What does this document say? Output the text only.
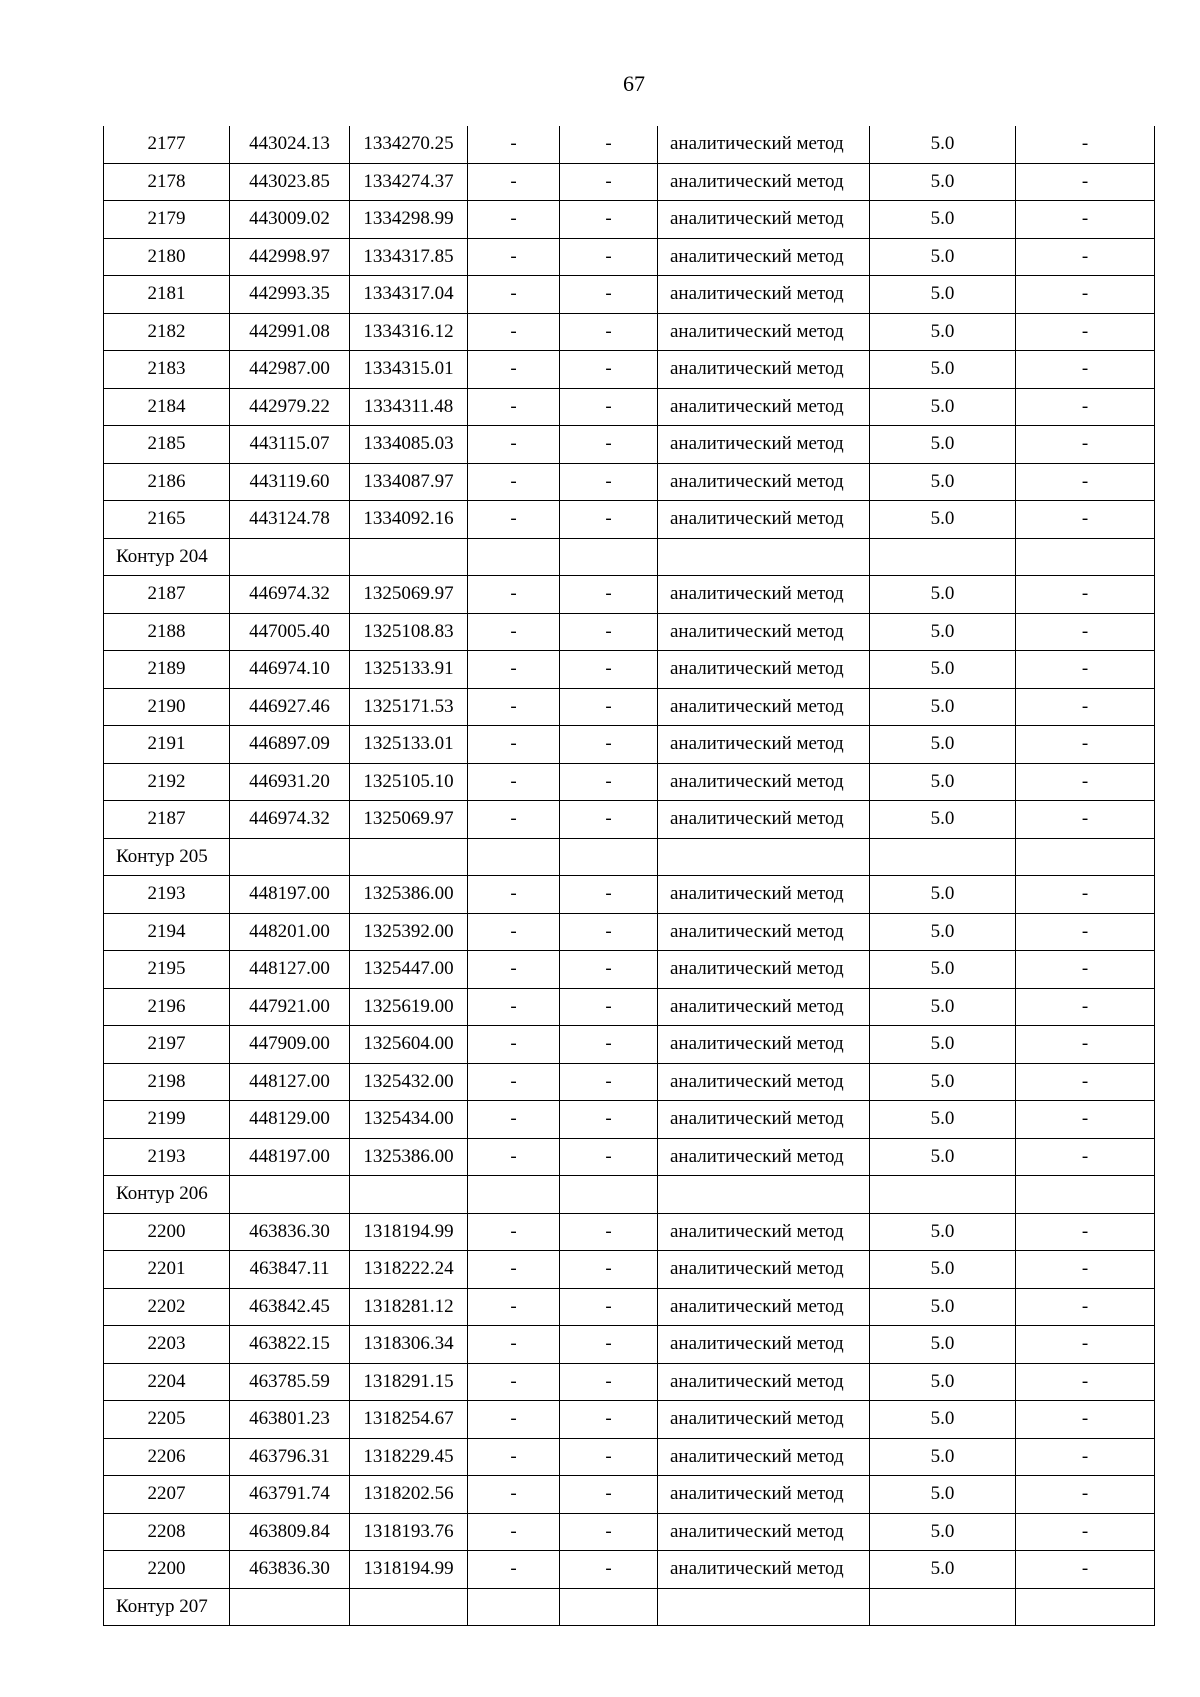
67
2177	443024.13	1334270.25	-	-	аналитический метод	5.0	-
2178	443023.85	1334274.37	-	-	аналитический метод	5.0	-
2179	443009.02	1334298.99	-	-	аналитический метод	5.0	-
2180	442998.97	1334317.85	-	-	аналитический метод	5.0	-
2181	442993.35	1334317.04	-	-	аналитический метод	5.0	-
2182	442991.08	1334316.12	-	-	аналитический метод	5.0	-
2183	442987.00	1334315.01	-	-	аналитический метод	5.0	-
2184	442979.22	1334311.48	-	-	аналитический метод	5.0	-
2185	443115.07	1334085.03	-	-	аналитический метод	5.0	-
2186	443119.60	1334087.97	-	-	аналитический метод	5.0	-
2165	443124.78	1334092.16	-	-	аналитический метод	5.0	-
Контур 204							
2187	446974.32	1325069.97	-	-	аналитический метод	5.0	-
2188	447005.40	1325108.83	-	-	аналитический метод	5.0	-
2189	446974.10	1325133.91	-	-	аналитический метод	5.0	-
2190	446927.46	1325171.53	-	-	аналитический метод	5.0	-
2191	446897.09	1325133.01	-	-	аналитический метод	5.0	-
2192	446931.20	1325105.10	-	-	аналитический метод	5.0	-
2187	446974.32	1325069.97	-	-	аналитический метод	5.0	-
Контур 205							
2193	448197.00	1325386.00	-	-	аналитический метод	5.0	-
2194	448201.00	1325392.00	-	-	аналитический метод	5.0	-
2195	448127.00	1325447.00	-	-	аналитический метод	5.0	-
2196	447921.00	1325619.00	-	-	аналитический метод	5.0	-
2197	447909.00	1325604.00	-	-	аналитический метод	5.0	-
2198	448127.00	1325432.00	-	-	аналитический метод	5.0	-
2199	448129.00	1325434.00	-	-	аналитический метод	5.0	-
2193	448197.00	1325386.00	-	-	аналитический метод	5.0	-
Контур 206							
2200	463836.30	1318194.99	-	-	аналитический метод	5.0	-
2201	463847.11	1318222.24	-	-	аналитический метод	5.0	-
2202	463842.45	1318281.12	-	-	аналитический метод	5.0	-
2203	463822.15	1318306.34	-	-	аналитический метод	5.0	-
2204	463785.59	1318291.15	-	-	аналитический метод	5.0	-
2205	463801.23	1318254.67	-	-	аналитический метод	5.0	-
2206	463796.31	1318229.45	-	-	аналитический метод	5.0	-
2207	463791.74	1318202.56	-	-	аналитический метод	5.0	-
2208	463809.84	1318193.76	-	-	аналитический метод	5.0	-
2200	463836.30	1318194.99	-	-	аналитический метод	5.0	-
Контур 207							
